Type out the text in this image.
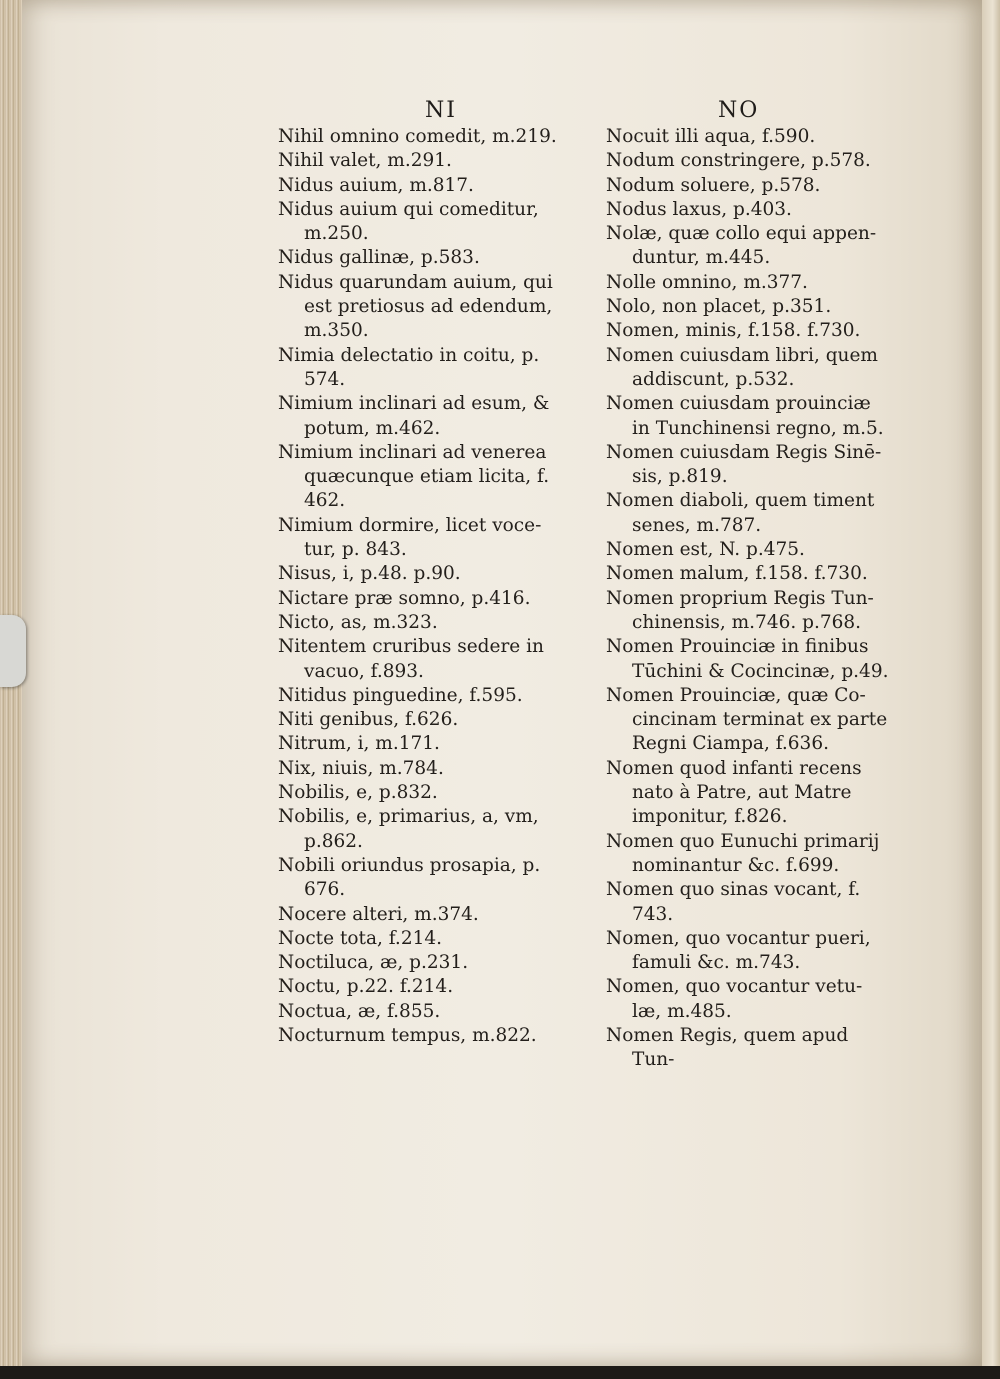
NI	NO
Nihil omnino comedit, m.219.
Nihil valet, m.291.
Nidus auium, m.817.
Nidus auium qui comeditur,
m.250.
Nidus gallinæ, p.583.
Nidus quarundam auium, qui
est pretiosus ad edendum,
m.350.
Nimia delectatio in coitu, p.
574.
Nimium inclinari ad esum, &
potum, m.462.
Nimium inclinari ad venerea
quæcunque etiam licita, f.
462.
Nimium dormire, licet voce-
tur, p. 843.
Nisus, i, p.48. p.90.
Nictare præ somno, p.416.
Nicto, as, m.323.
Nitentem cruribus sedere in
vacuo, f.893.
Nitidus pinguedine, f.595.
Niti genibus, f.626.
Nitrum, i, m.171.
Nix, niuis, m.784.
Nobilis, e, p.832.
Nobilis, e, primarius, a, vm,
p.862.
Nobili oriundus prosapia, p.
676.
Nocere alteri, m.374.
Nocte tota, f.214.
Noctiluca, æ, p.231.
Noctu, p.22. f.214.
Noctua, æ, f.855.
Nocturnum tempus, m.822.
Nocuit illi aqua, f.590.
Nodum constringere, p.578.
Nodum soluere, p.578.
Nodus laxus, p.403.
Nolæ, quæ collo equi appen-
duntur, m.445.
Nolle omnino, m.377.
Nolo, non placet, p.351.
Nomen, minis, f.158. f.730.
Nomen cuiusdam libri, quem
addiscunt, p.532.
Nomen cuiusdam prouinciæ
in Tunchinensi regno, m.5.
Nomen cuiusdam Regis Sinē-
sis, p.819.
Nomen diaboli, quem timent
senes, m.787.
Nomen est, N. p.475.
Nomen malum, f.158. f.730.
Nomen proprium Regis Tun-
chinensis, m.746. p.768.
Nomen Prouinciæ in finibus
Tūchini & Cocincinæ, p.49.
Nomen Prouinciæ, quæ Co-
cincinam terminat ex parte
Regni Ciampa, f.636.
Nomen quod infanti recens
nato à Patre, aut Matre
imponitur, f.826.
Nomen quo Eunuchi primarij
nominantur &c. f.699.
Nomen quo sinas vocant, f.
743.
Nomen, quo vocantur pueri,
famuli &c. m.743.
Nomen, quo vocantur vetu-
læ, m.485.
Nomen Regis, quem apud
Tun-
